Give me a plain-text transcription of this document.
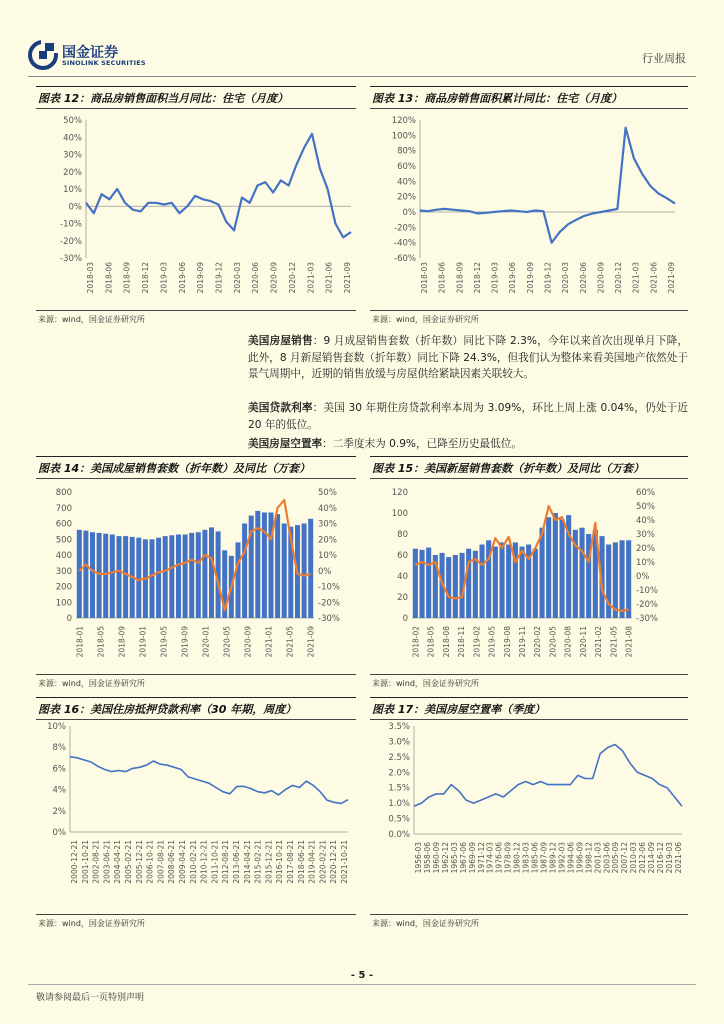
国金证券
SINOLINK SECURITIES	行业周报
图表 12：商品房销售面积当月同比：住宅（月度）
-30%
-20%
-10%
0%
10%
20%
30%
40%
50%
2018-03 2018-06 2018-09 2018-12 2019-03 2019-06 2019-09 2019-12 2020-03 2020-06 2020-09 2020-12 2021-03 2021-06 2021-09
来源：wind，国金证券研究所
图表 13：商品房销售面积累计同比：住宅（月度）
-60%
-40%
-20%
0%
20%
40%
60%
80%
100%
120%
2018-03 2018-06 2018-09 2018-12 2019-03 2019-06 2019-09 2019-12 2020-03 2020-06 2020-09 2020-12 2021-03 2021-06 2021-09
来源：wind，国金证券研究所
美国房屋销售：9 月成屋销售套数（折年数）同比下降 2.3%，今年以来首次出现单月下降，此外，8 月新屋销售套数（折年数）同比下降 24.3%，但我们认为整体来看美国地产依然处于景气周期中，近期的销售放缓与房屋供给紧缺因素关联较大。
美国贷款利率：美国 30 年期住房贷款利率本周为 3.09%，环比上周上涨 0.04%，仍处于近 20 年的低位。
美国房屋空置率：二季度末为 0.9%，已降至历史最低位。
图表 14：美国成屋销售套数（折年数）及同比（万套）
0
100
200
300
400
500
600
700
800
-30%
-20%
-10%
0%
10%
20%
30%
40%
50%
2018-01 2018-05 2018-09 2019-01 2019-05 2019-09 2020-01 2020-05 2020-09 2021-01 2021-05 2021-09
来源：wind，国金证券研究所
图表 15：美国新屋销售套数（折年数）及同比（万套）
0
20
40
60
80
100
120
-30%
-20%
-10%
0%
10%
20%
30%
40%
50%
60%
2018-02 2018-05 2018-08 2018-11 2019-02 2019-05 2019-08 2019-11 2020-02 2020-05 2020-08 2020-11 2021-02 2021-05 2021-08
来源：wind，国金证券研究所
图表 16：美国住房抵押贷款利率（30 年期，周度）
0%
2%
4%
6%
8%
10%
2000-12-21 2001-10-21 2002-08-21 2003-06-21 2004-04-21 2005-02-21 2005-12-21 2006-10-21 2007-08-21 2008-06-21 2009-04-21 2010-02-21 2010-12-21 2011-10-21 2012-08-21 2013-06-21 2014-04-21 2015-02-21 2015-12-21 2016-10-21 2017-08-21 2018-06-21 2019-04-21 2020-02-21 2020-12-21 2021-10-21
来源：wind，国金证券研究所
图表 17：美国房屋空置率（季度）
0.0%
0.5%
1.0%
1.5%
2.0%
2.5%
3.0%
3.5%
1956-03 1958-06 1960-09 1962-12 1965-03 1967-06 1969-09 1971-12 1974-03 1976-06 1978-09 1980-12 1983-03 1985-06 1987-09 1989-12 1992-03 1994-06 1996-09 1998-12 2001-03 2003-06 2005-09 2007-12 2010-03 2012-06 2014-09 2016-12 2019-03 2021-06
来源：wind，国金证券研究所
- 5 -
敬请参阅最后一页特别声明
